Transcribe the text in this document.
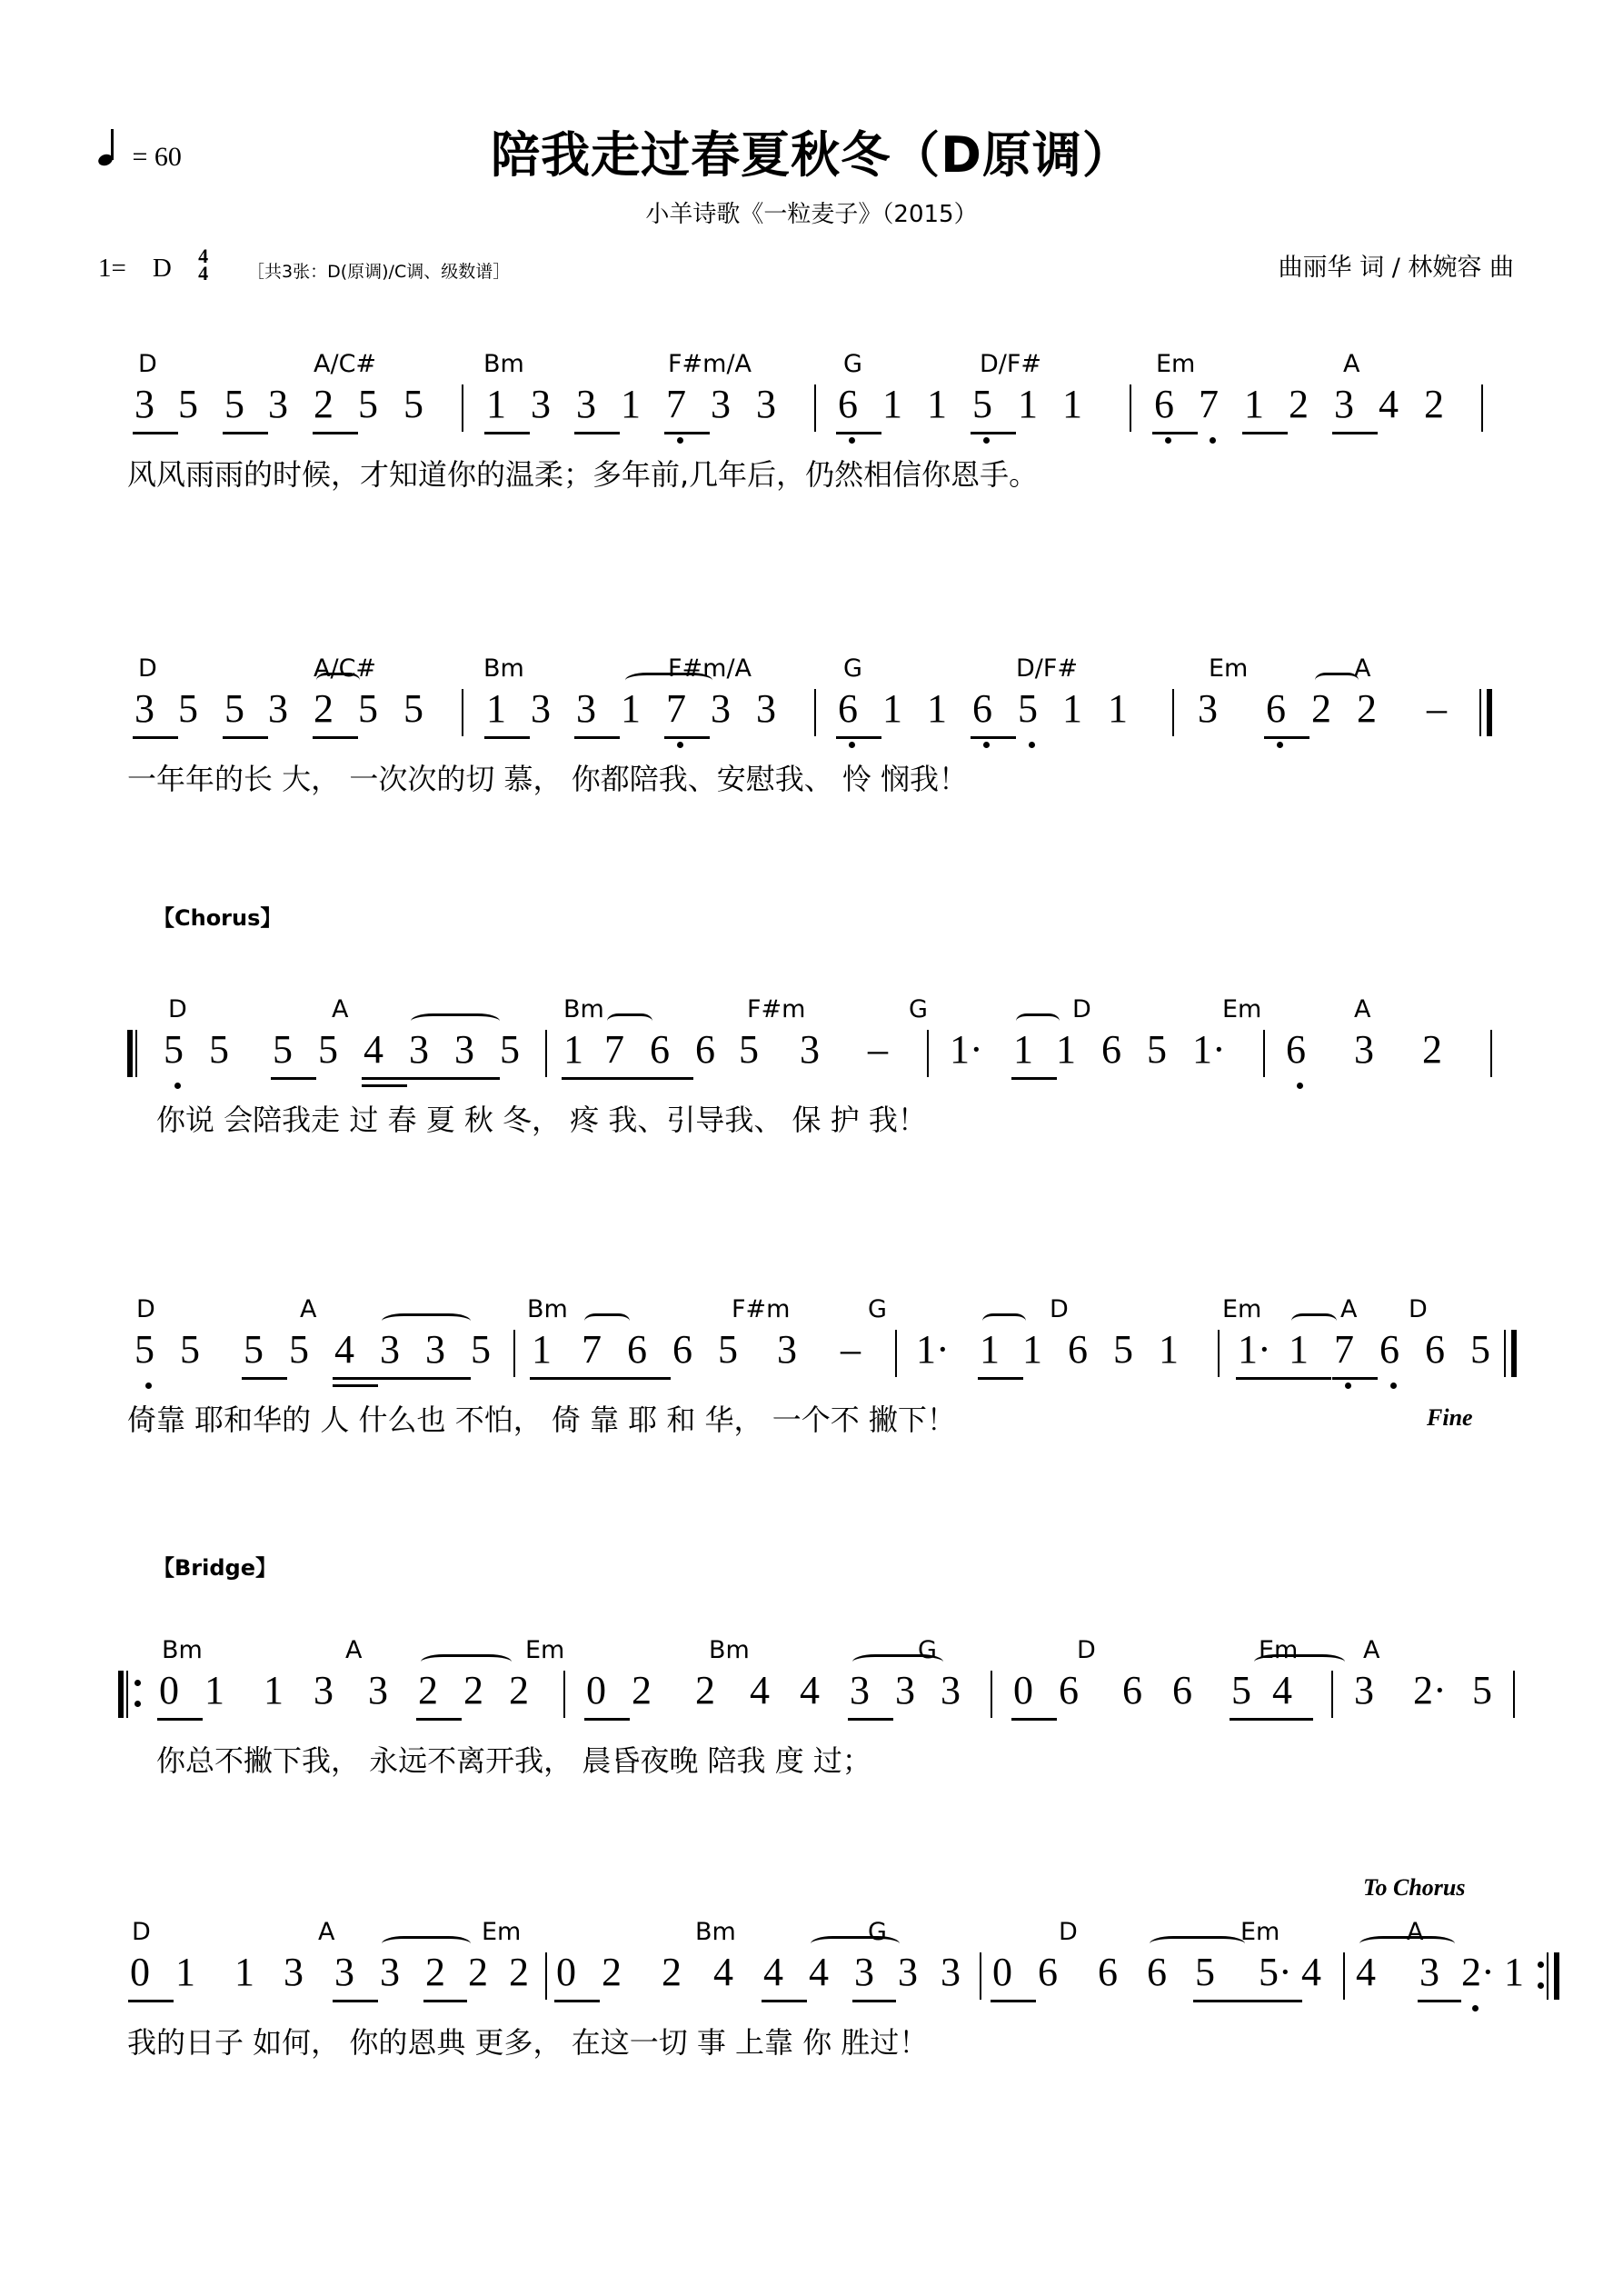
= 60	陪我走过春夏秋冬（D原调）
小羊诗歌《一粒麦子》（2015）
1= D	4
4	［共3张：D(原调)/C调、级数谱］	曲丽华 词 / 林婉容 曲
D	A/C#	Bm	F#m/A	G	D/F#	Em	A
3 5 5 3 2 5 5 1 3 3 1 7 3 3 6 1 1 5 1 1 6 7 1 2 3 4 2
风风雨雨的时候，才知道你的温柔；多年前,几年后，仍然相信你恩手。
D	A/C#	Bm	F#m/A	G	D/F#	Em	A
3 5 5 3 2 5 5 1 3 3 1 7 3 3 6 1 1 6 5 1 1 3 6 2 2 –
一年年的长 大， 一次次的切 慕， 你都陪我、安慰我、 怜 悯我！
【Chorus】
D	A	Bm	F#m	G	D	Em	A
5 5 5 5 4 3 3 5 1 7 6 6 5 3 – 1· 1 1 6 5 1· 6 3 2
你说 会陪我走 过 春 夏 秋 冬， 疼 我、引导我、 保 护 我！
D	A	Bm	F#m	G	D	Em	A D
5 5 5 5 4 3 3 5 1 7 6 6 5 3 – 1· 1 1 6 5 1 1· 1 7 6 6 5
倚靠 耶和华的 人 什么也 不怕， 倚 靠 耶 和 华， 一个不 撇下！	Fine
【Bridge】
Bm	A	Em	Bm	G	D	Em	A
0 1 1 3 3 2 2 2 0 2 2 4 4 3 3 3 0 6 6 6 5 4 3 2· 5
你总不撇下我， 永远不离开我， 晨昏夜晚 陪我 度 过；
To Chorus
D	A	Em	Bm	G	D	Em	A
0 1 1 3 3 3 2 2 2 0 2 2 4 4 4 3 3 3 0 6 6 6 5 5· 4 4 3 2· 1
我的日子 如何， 你的恩典 更多， 在这一切 事 上靠 你 胜过！
